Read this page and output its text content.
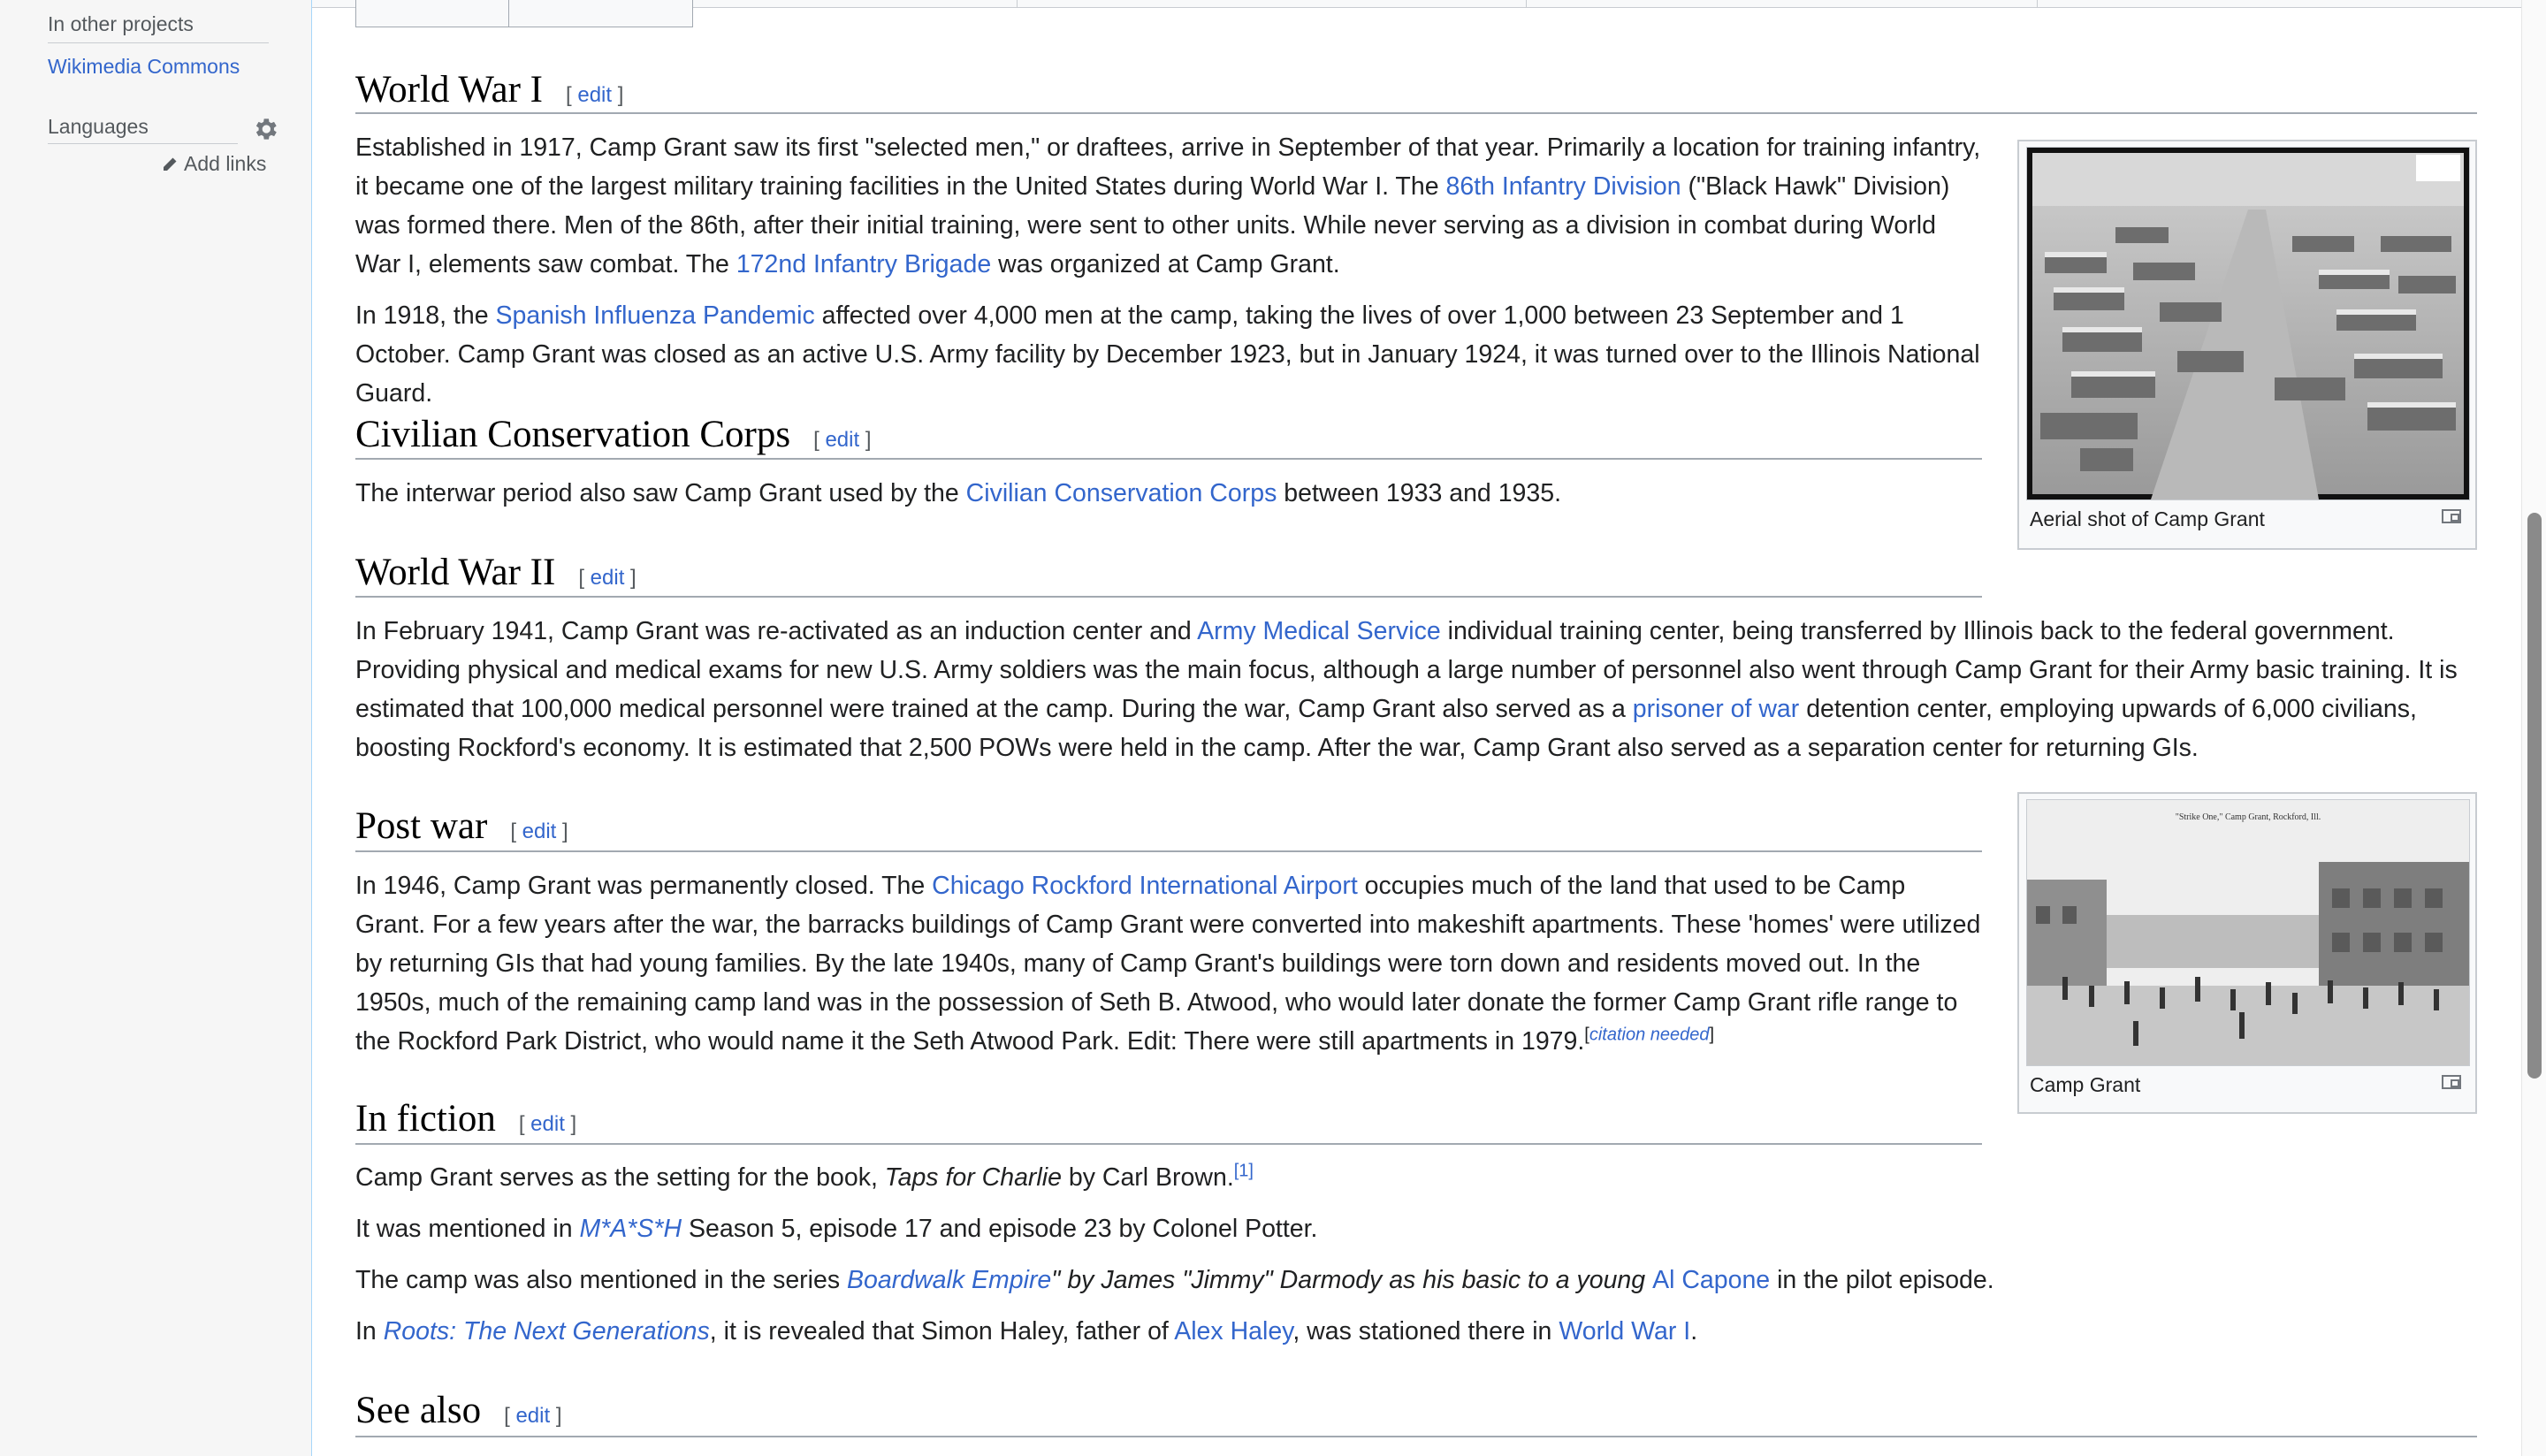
In other projects
Wikimedia Commons
Languages
Add links
World War I [ edit ]

Established in 1917, Camp Grant saw its first "selected men," or draftees, arrive in September of that year. Primarily a location for training infantry, it became one of the largest military training facilities in the United States during World War I. The 86th Infantry Division ("Black Hawk" Division) was formed there. Men of the 86th, after their initial training, were sent to other units. While never serving as a division in combat during World War I, elements saw combat. The 172nd Infantry Brigade was organized at Camp Grant.

In 1918, the Spanish Influenza Pandemic affected over 4,000 men at the camp, taking the lives of over 1,000 between 23 September and 1 October. Camp Grant was closed as an active U.S. Army facility by December 1923, but in January 1924, it was turned over to the Illinois National Guard.

Civilian Conservation Corps [ edit ]

The interwar period also saw Camp Grant used by the Civilian Conservation Corps between 1933 and 1935.

World War II [ edit ]

In February 1941, Camp Grant was re-activated as an induction center and Army Medical Service individual training center, being transferred by Illinois back to the federal government. Providing physical and medical exams for new U.S. Army soldiers was the main focus, although a large number of personnel also went through Camp Grant for their Army basic training. It is estimated that 100,000 medical personnel were trained at the camp. During the war, Camp Grant also served as a prisoner of war detention center, employing upwards of 6,000 civilians, boosting Rockford's economy. It is estimated that 2,500 POWs were held in the camp. After the war, Camp Grant also served as a separation center for returning GIs.

Post war [ edit ]

In 1946, Camp Grant was permanently closed. The Chicago Rockford International Airport occupies much of the land that used to be Camp Grant. For a few years after the war, the barracks buildings of Camp Grant were converted into makeshift apartments. These 'homes' were utilized by returning GIs that had young families. By the late 1940s, many of Camp Grant's buildings were torn down and residents moved out. In the 1950s, much of the remaining camp land was in the possession of Seth B. Atwood, who would later donate the former Camp Grant rifle range to the Rockford Park District, who would name it the Seth Atwood Park. Edit: There were still apartments in 1979.[citation needed]

In fiction [ edit ]

Camp Grant serves as the setting for the book, Taps for Charlie by Carl Brown.[1]

It was mentioned in M*A*S*H Season 5, episode 17 and episode 23 by Colonel Potter.

The camp was also mentioned in the series Boardwalk Empire" by James "Jimmy" Darmody as his basic to a young Al Capone in the pilot episode.

In Roots: The Next Generations, it is revealed that Simon Haley, father of Alex Haley, was stationed there in World War I.

See also [ edit ]
Aerial shot of Camp Grant
"Strike One," Camp Grant, Rockford, Ill.
Camp Grant
